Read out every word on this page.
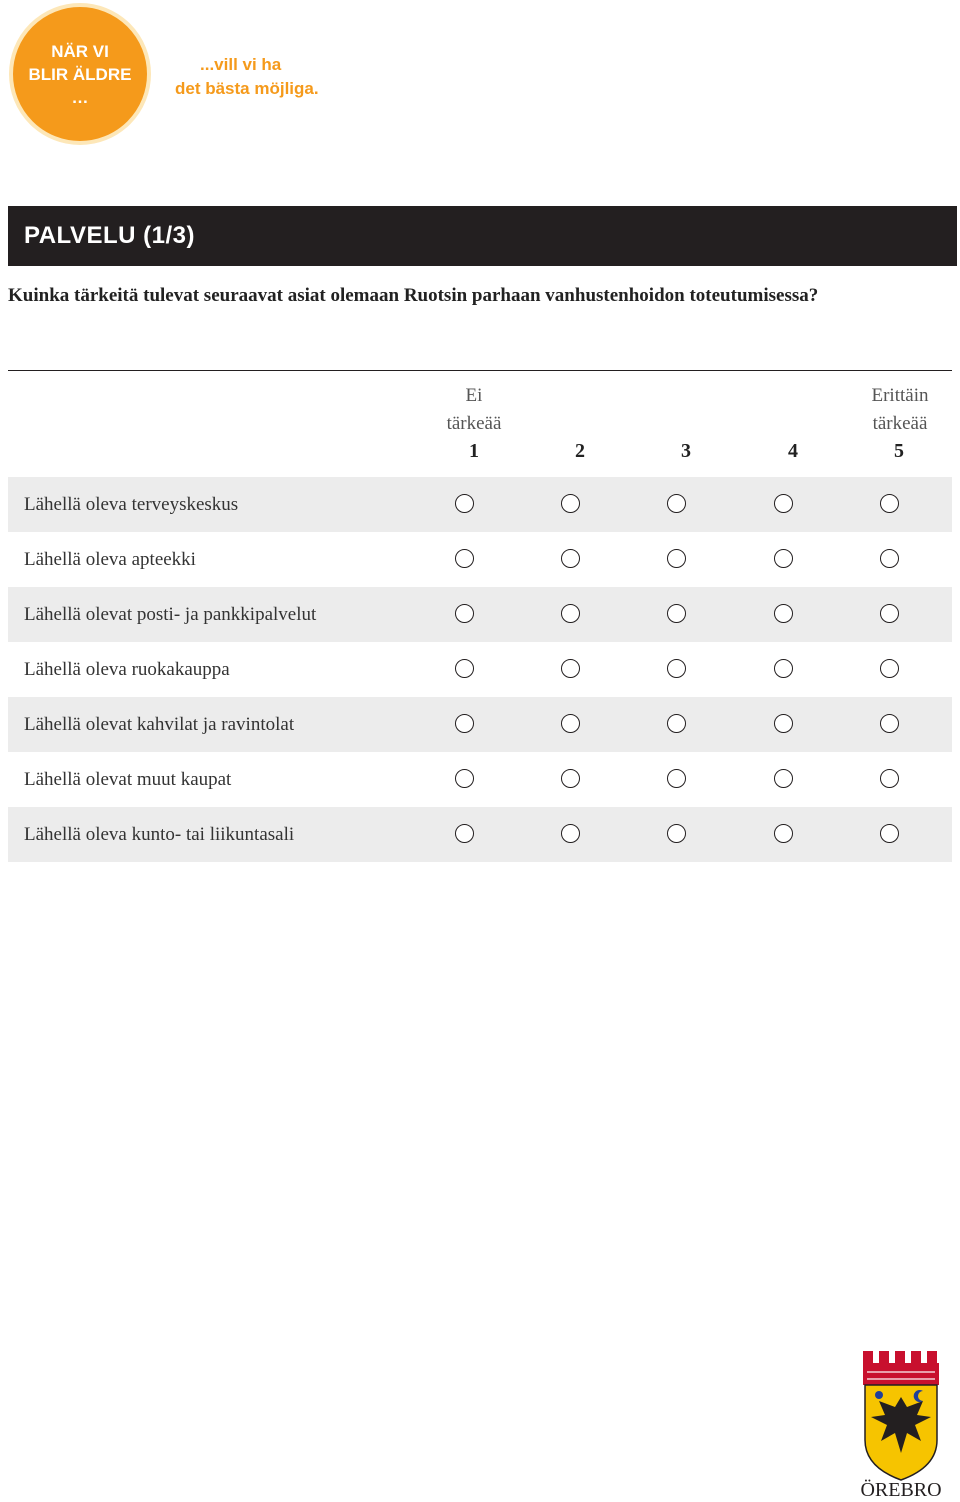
NÄR VI
BLIR ÄLDRE
…
...vill vi ha
det bästa möjliga.
PALVELU (1/3)
Kuinka tärkeitä tulevat seuraavat asiat olemaan Ruotsin parhaan vanhustenhoidon toteutumisessa?
Ei
tärkeää
Erittäin
tärkeää
1	2	3	4	5
Lähellä oleva terveyskeskus
Lähellä oleva apteekki
Lähellä olevat posti- ja pankkipalvelut
Lähellä oleva ruokakauppa
Lähellä olevat kahvilat ja ravintolat
Lähellä olevat muut kaupat
Lähellä oleva kunto- tai liikuntasali
ÖREBRO
